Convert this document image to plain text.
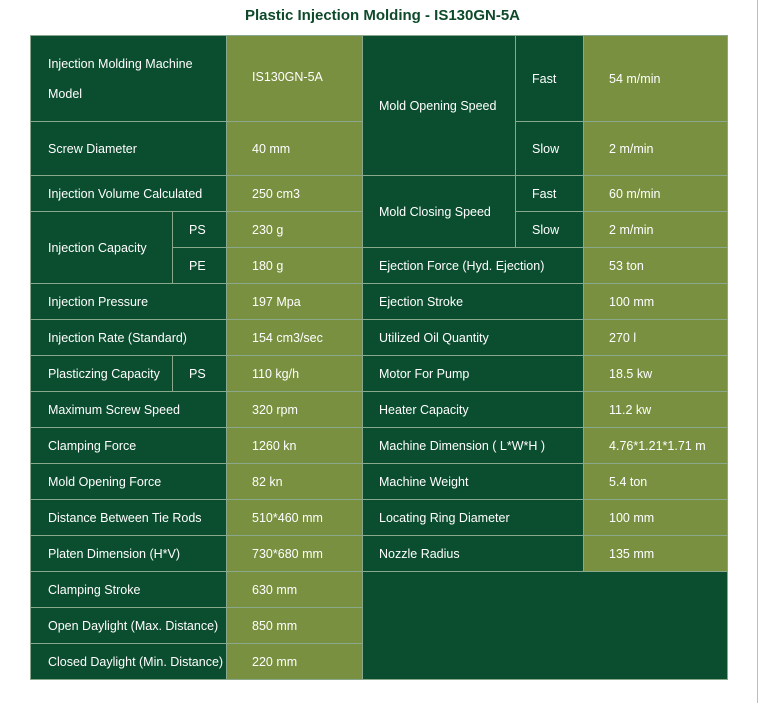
Plastic Injection Molding - IS130GN-5A
Injection Molding Machine Model		IS130GN-5A	Mold Opening Speed	Fast	54 m/min
Screw Diameter		40 mm		Slow	2 m/min
Injection Volume Calculated		250 cm3	Mold Closing Speed	Fast	60 m/min
Injection Capacity	PS	230 g		Slow	2 m/min
	PE	180 g	Ejection Force (Hyd. Ejection)		53 ton
Injection Pressure		197 Mpa	Ejection Stroke		100 mm
Injection Rate (Standard)		154 cm3/sec	Utilized Oil Quantity		270 l
Plasticzing Capacity	PS	110 kg/h	Motor For Pump		18.5 kw
Maximum Screw Speed		320 rpm	Heater Capacity		11.2 kw
Clamping Force		1260 kn	Machine Dimension ( L*W*H )		4.76*1.21*1.71 m
Mold Opening Force		82 kn	Machine Weight		5.4 ton
Distance Between Tie Rods		510*460 mm	Locating Ring Diameter		100 mm
Platen Dimension (H*V)		730*680 mm	Nozzle Radius		135 mm
Clamping Stroke		630 mm			
Open Daylight (Max. Distance)		850 mm			
Closed Daylight (Min. Distance)		220 mm			
